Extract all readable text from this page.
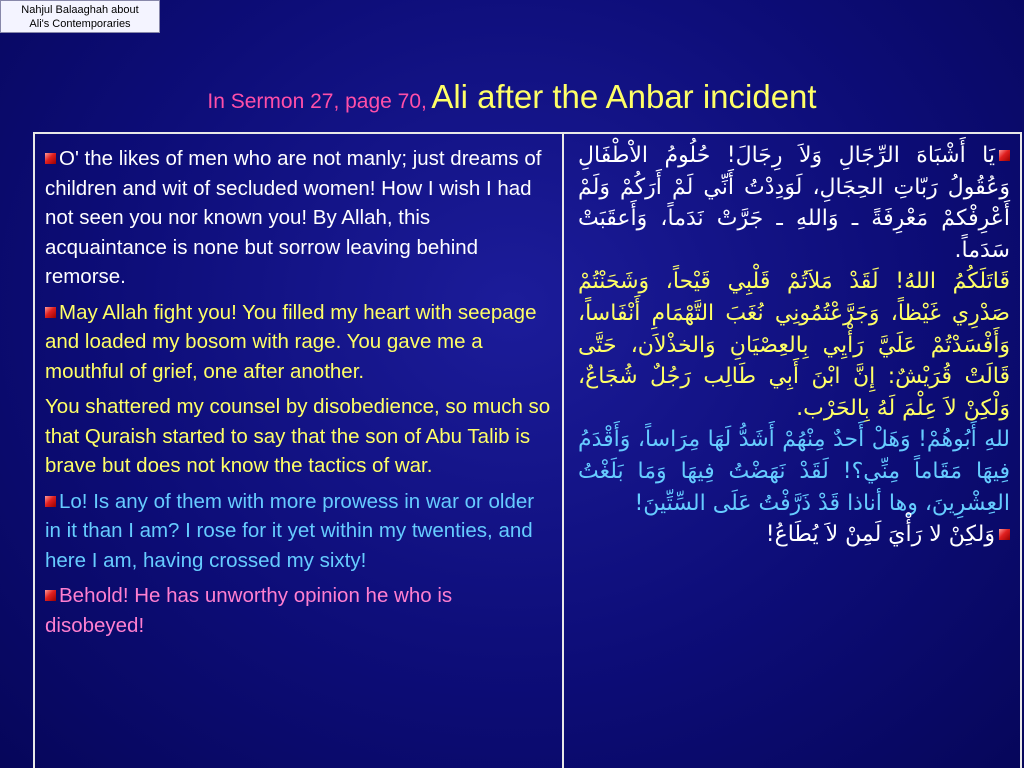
Nahjul Balaaghah about
Ali's Contemporaries
In Sermon 27, page 70, Ali after the Anbar incident

O' the likes of men who are not manly; just dreams of children and wit of secluded women! How I wish I had not seen you nor known you! By Allah, this acquaintance is none but sorrow leaving behind remorse.

May Allah fight you! You filled my heart with seepage and loaded my bosom with rage. You gave me a mouthful of grief, one after another.

You shattered my counsel by disobedience, so much so that Quraish started to say that the son of Abu Talib is brave but does not know the tactics of war.

Lo! Is any of them with more prowess in war or older in it than I am? I rose for it yet within my twenties, and here I am, having crossed my sixty!

Behold! He has unworthy opinion he who is disobeyed!

يَا أَشْبَاهَ الرِّجَالِ وَلاَ رِجَالَ! حُلُومُ الاْطْفَالِ وَعُقُولُ رَبّاتِ الحِجَالِ، لَوَدِدْتُ أَنِّي لَمْ أَرَكُمْ وَلَمْ أَعْرِفْكمْ مَعْرِفَةً ـ وَاللهِ ـ جَرَّتْ نَدَماً، وَأَعقَبَتْ سَدَماً.

قَاتَلَكُمُ اللهُ! لَقَدْ مَلاَتُمْ قَلْبِي قَيْحاً، وَشَحَنْتُمْ صَدْرِي غَيْظاً، وَجَرَّعْتُمُونِي نُغَبَ التَّهْمَامِ أَنْفَاساً، وَأَفْسَدْتُمْ عَلَيَّ رَأْيِي بِالعِصْيَانِ وَالخذْلاَن، حَتَّى قَالَتْ قُرَيْشٌ: إِنَّ ابْنَ أَبِي طَالِب رَجُلٌ شُجَاعٌ، وَلْكِنْ لاَ عِلْمَ لَهُ بِالحَرْب.

للهِ أَبُوهُمْ! وَهَلْ أَحدٌ مِنْهُمْ أَشَدُّ لَهَا مِرَاساً، وَأَقْدَمُ فِيهَا مَقَاماً مِنِّي؟! لَقَدْ نَهَضْتُ فِيهَا وَمَا بَلَغْتُ العِشْرِينَ، وها أناذا قَدْ ذَرَّفْتُ عَلَى السِّتِّينَ!

وَلكِنْ لا رَأْيَ لَمِنْ لاَ يُطَاعُ!
